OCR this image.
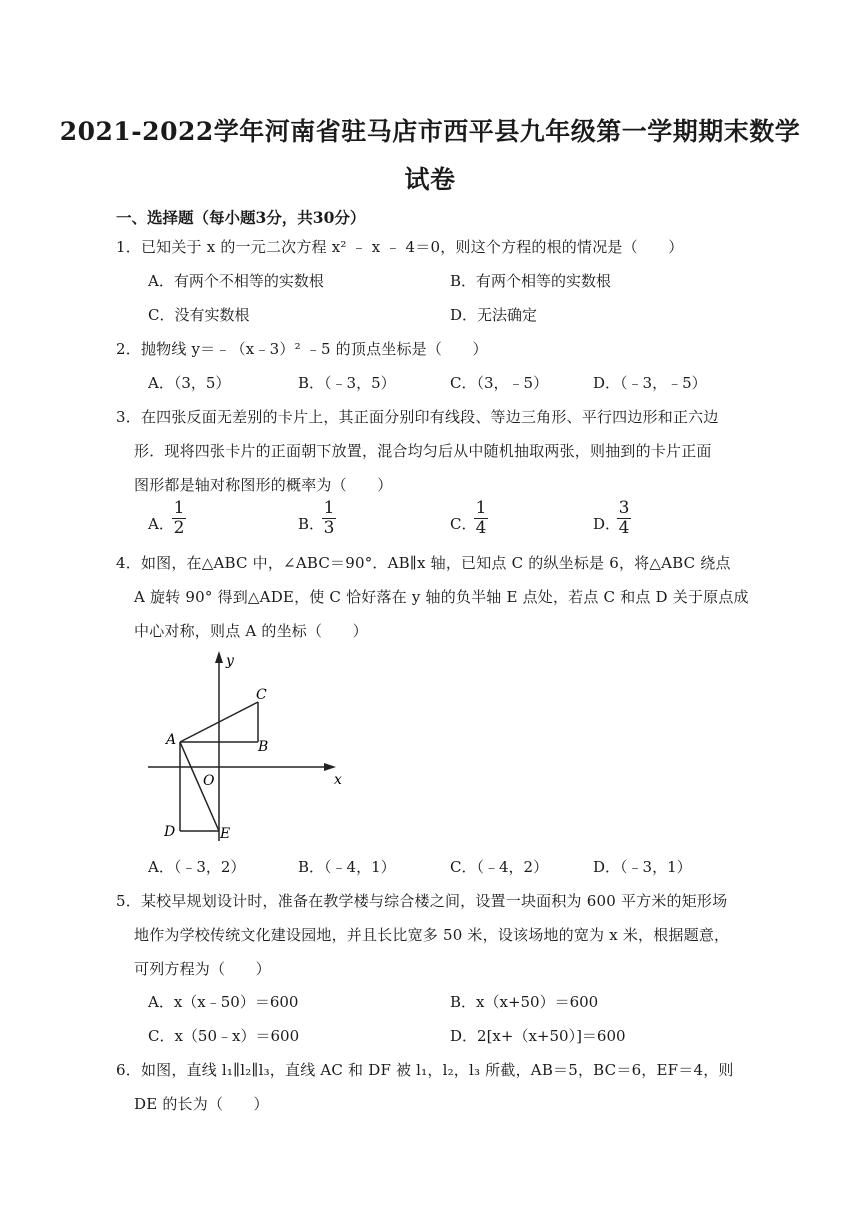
2021-2022学年河南省驻马店市西平县九年级第一学期期末数学
试卷
一、选择题（每小题3分，共30分）
1．已知关于 x 的一元二次方程 x² ﹣ x ﹣ 4＝0，则这个方程的根的情况是（　　）
A．有两个不相等的实数根	B．有两个相等的实数根
C．没有实数根	D．无法确定
2．抛物线 y＝﹣（x﹣3）² ﹣5 的顶点坐标是（　　）
A．（3，5）	B．（﹣3，5）	C．（3，﹣5）	D．（﹣3，﹣5）
3．在四张反面无差别的卡片上，其正面分别印有线段、等边三角形、平行四边形和正六边
形．现将四张卡片的正面朝下放置，混合均匀后从中随机抽取两张，则抽到的卡片正面
图形都是轴对称图形的概率为（　　）
A．
1
2	B．
1
3	C．
1
4	D．
3
4
4．如图，在△ABC 中，∠ABC＝90°．AB∥x 轴，已知点 C 的纵坐标是 6，将△ABC 绕点
A 旋转 90° 得到△ADE，使 C 恰好落在 y 轴的负半轴 E 点处，若点 C 和点 D 关于原点成
中心对称，则点 A 的坐标（　　）
y
x
C
A	B
O
D	E
A．（﹣3，2）	B．（﹣4，1）	C．（﹣4，2）	D．（﹣3，1）
5．某校早规划设计时，准备在教学楼与综合楼之间，设置一块面积为 600 平方米的矩形场
地作为学校传统文化建设园地，并且长比宽多 50 米，设该场地的宽为 x 米，根据题意，
可列方程为（　　）
A．x（x﹣50）＝600	B．x（x+50）＝600
C．x（50﹣x）＝600	D．2[x+（x+50）]＝600
6．如图，直线 l₁∥l₂∥l₃，直线 AC 和 DF 被 l₁，l₂，l₃ 所截，AB＝5，BC＝6，EF＝4，则
DE 的长为（　　）
